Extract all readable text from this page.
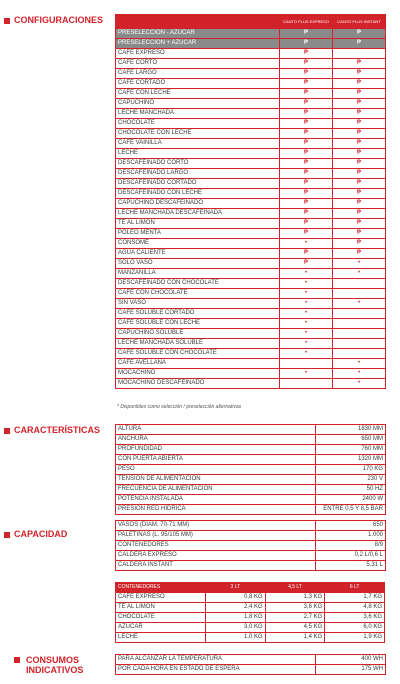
CONFIGURACIONES
CARACTERÍSTICAS
CAPACIDAD
CONSUMOS
INDICATIVOS
	CANTO PLUS EXPRESO	CANTO PLUS INSTANT
PRESELECCIÓN - AZÚCAR	₱	₱
PRESELECCIÓN + AZÚCAR	₱	₱
CAFÉ EXPRESO	₱	
CAFÉ CORTO	₱	₱
CAFÉ LARGO	₱	₱
CAFÉ CORTADO	₱	₱
CAFÉ CON LECHE	₱	₱
CAPUCHINO	₱	₱
LECHE MANCHADA	₱	₱
CHOCOLATE	₱	₱
CHOCOLATE CON LECHE	₱	₱
CAFÉ VAINILLA	₱	₱
LECHE	₱	₱
DESCAFEINADO CORTO	₱	₱
DESCAFEINADO LARGO	₱	₱
DESCAFEINADO CORTADO	₱	₱
DESCAFEINADO CON LECHE	₱	₱
CAPUCHINO DESCAFEINADO	₱	₱
LECHE MANCHADA DESCAFEINADA	₱	₱
TÉ AL LIMÓN	₱	₱
POLEO MENTA	₱	₱
CONSOMÉ	•	₱
AGUA CALIENTE	₱	₱
SOLO VASO	₱	•
MANZANILLA	•	•
DESCAFEINADO CON CHOCOLATE	•	
CAFÉ CON CHOCOLATE	•	
SIN VASO	•	•
CAFÉ SOLUBLE CORTADO	•	
CAFÉ SOLUBLE CON LECHE	•	
CAPUCHINO SOLUBLE	•	
LECHE MANCHADA SOLUBLE	•	
CAFÉ SOLUBLE CON CHOCOLATE	•	
CAFÉ AVELLANA		•
MOCACHINO	•	•
MOCACHINO DESCAFEINADO		•
* Disponibles como selección / preselección alternativas
ALTURA	1830 MM
ANCHURA	650 MM
PROFUNDIDAD	760 MM
CON PUERTA ABIERTA	1320 MM
PESO	170 KG
TENSIÓN DE ALIMENTACIÓN	230 V
FRECUENCIA DE ALIMENTACIÓN	50 HZ
POTENCIA INSTALADA	2400 W
PRESIÓN RED HÍDRICA	ENTRE 0,5 Y 8,5 BAR
VASOS (DIAM. 70-71 MM)	650
PALETINAS (L. 95/105 MM)	1.000
CONTENEDORES	8/9
CALDERA EXPRESO	0,2 L/0,6 L
CALDERA INSTANT	5,31 L
CONTENEDORES	3 LT	4,5 LT	6 LT
CAFÉ EXPRESO	0,8 KG	1,3 KG	1,7 KG
TÉ AL LIMÓN	2,4 KG	3,6 KG	4,8 KG
CHOCOLATE	1,8 KG	2,7 KG	3,6 KG
AZÚCAR	3,0 KG	4,5 KG	6,0 KG
LECHE	1,0 KG	1,4 KG	1,9 KG
PARA ALCANZAR LA TEMPERATURA	400 WH
POR CADA HORA EN ESTADO DE ESPERA	175 WH
